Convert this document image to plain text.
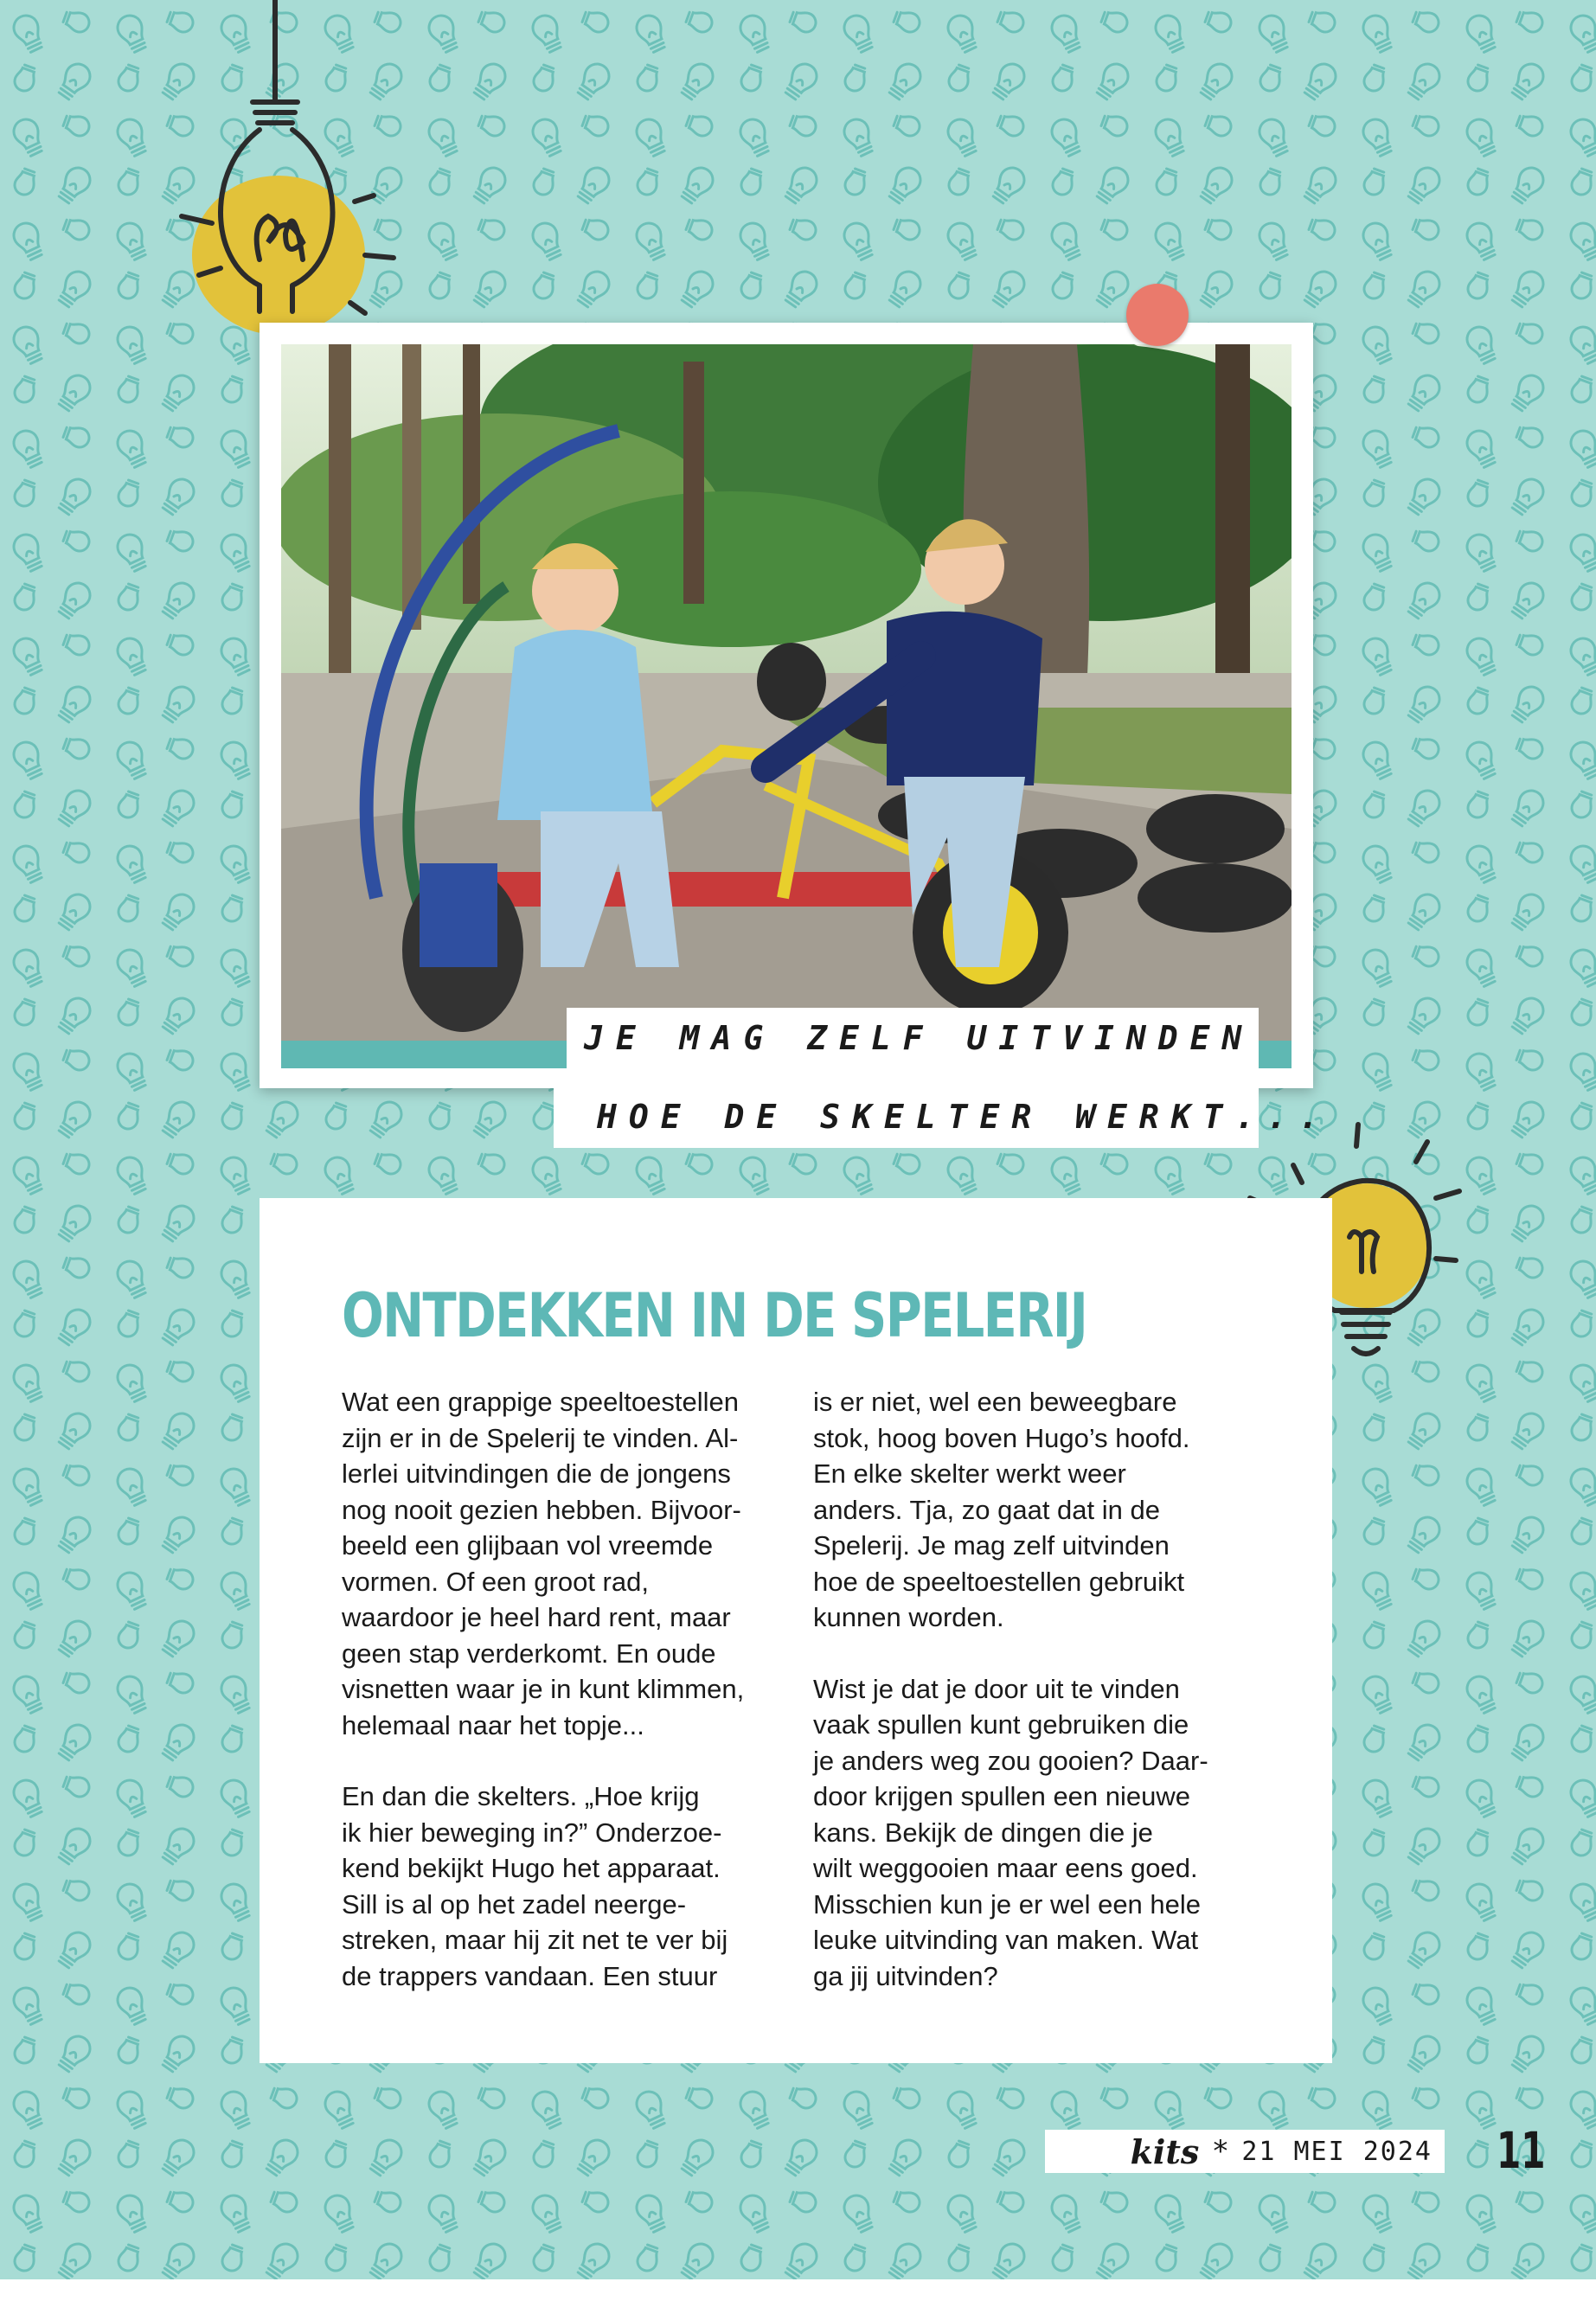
JE MAG ZELF UITVINDEN
HOE DE SKELTER WERKT...
ONTDEKKEN IN DE SPELERIJ
Wat een grappige speeltoestellen
zijn er in de Spelerij te vinden. Al-
lerlei uitvindingen die de jongens
nog nooit gezien hebben. Bijvoor-
beeld een glijbaan vol vreemde
vormen. Of een groot rad,
waardoor je heel hard rent, maar
geen stap verderkomt. En oude
visnetten waar je in kunt klimmen,
helemaal naar het topje...
En dan die skelters. „Hoe krijg
ik hier beweging in?” Onderzoe-
kend bekijkt Hugo het apparaat.
Sill is al op het zadel neerge-
streken, maar hij zit net te ver bij
de trappers vandaan. Een stuur
is er niet, wel een beweegbare
stok, hoog boven Hugo’s hoofd.
En elke skelter werkt weer
anders. Tja, zo gaat dat in de
Spelerij. Je mag zelf uitvinden
hoe de speeltoestellen gebruikt
kunnen worden.
Wist je dat je door uit te vinden
vaak spullen kunt gebruiken die
je anders weg zou gooien? Daar-
door krijgen spullen een nieuwe
kans. Bekijk de dingen die je
wilt weggooien maar eens goed.
Misschien kun je er wel een hele
leuke uitvinding van maken. Wat
ga jij uitvinden?
kits * 21 MEI 2024 11
